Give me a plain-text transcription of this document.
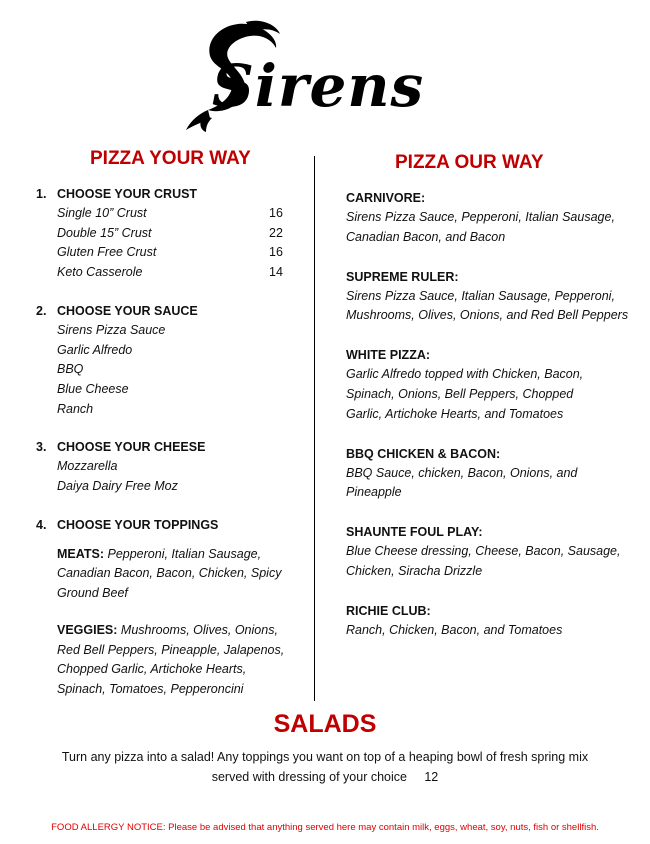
Sirens
PIZZA YOUR WAY	PIZZA OUR WAY
1. CHOOSE YOUR CRUST
Single 10” Crust	16
Double 15” Crust	22
Gluten Free Crust	16
Keto Casserole	14
2. CHOOSE YOUR SAUCE
Sirens Pizza Sauce
Garlic Alfredo
BBQ
Blue Cheese
Ranch
3. CHOOSE YOUR CHEESE
Mozzarella
Daiya Dairy Free Moz
4. CHOOSE YOUR TOPPINGS
MEATS: Pepperoni, Italian Sausage, Canadian Bacon, Bacon, Chicken, Spicy Ground Beef
VEGGIES: Mushrooms, Olives, Onions, Red Bell Peppers, Pineapple, Jalapenos, Chopped Garlic, Artichoke Hearts, Spinach, Tomatoes, Pepperoncini
CARNIVORE:
Sirens Pizza Sauce, Pepperoni, Italian Sausage, Canadian Bacon, and Bacon
SUPREME RULER:
Sirens Pizza Sauce, Italian Sausage, Pepperoni, Mushrooms, Olives, Onions, and Red Bell Peppers
WHITE PIZZA:
Garlic Alfredo topped with Chicken, Bacon, Spinach, Onions, Bell Peppers, Chopped Garlic, Artichoke Hearts, and Tomatoes
BBQ CHICKEN & BACON:
BBQ Sauce, chicken, Bacon, Onions, and Pineapple
SHAUNTE FOUL PLAY:
Blue Cheese dressing, Cheese, Bacon, Sausage, Chicken, Siracha Drizzle
RICHIE CLUB:
Ranch, Chicken, Bacon, and Tomatoes
SALADS
Turn any pizza into a salad! Any toppings you want on top of a heaping bowl of fresh spring mix
served with dressing of your choice 12
FOOD ALLERGY NOTICE: Please be advised that anything served here may contain milk, eggs, wheat, soy, nuts, fish or shellfish.
